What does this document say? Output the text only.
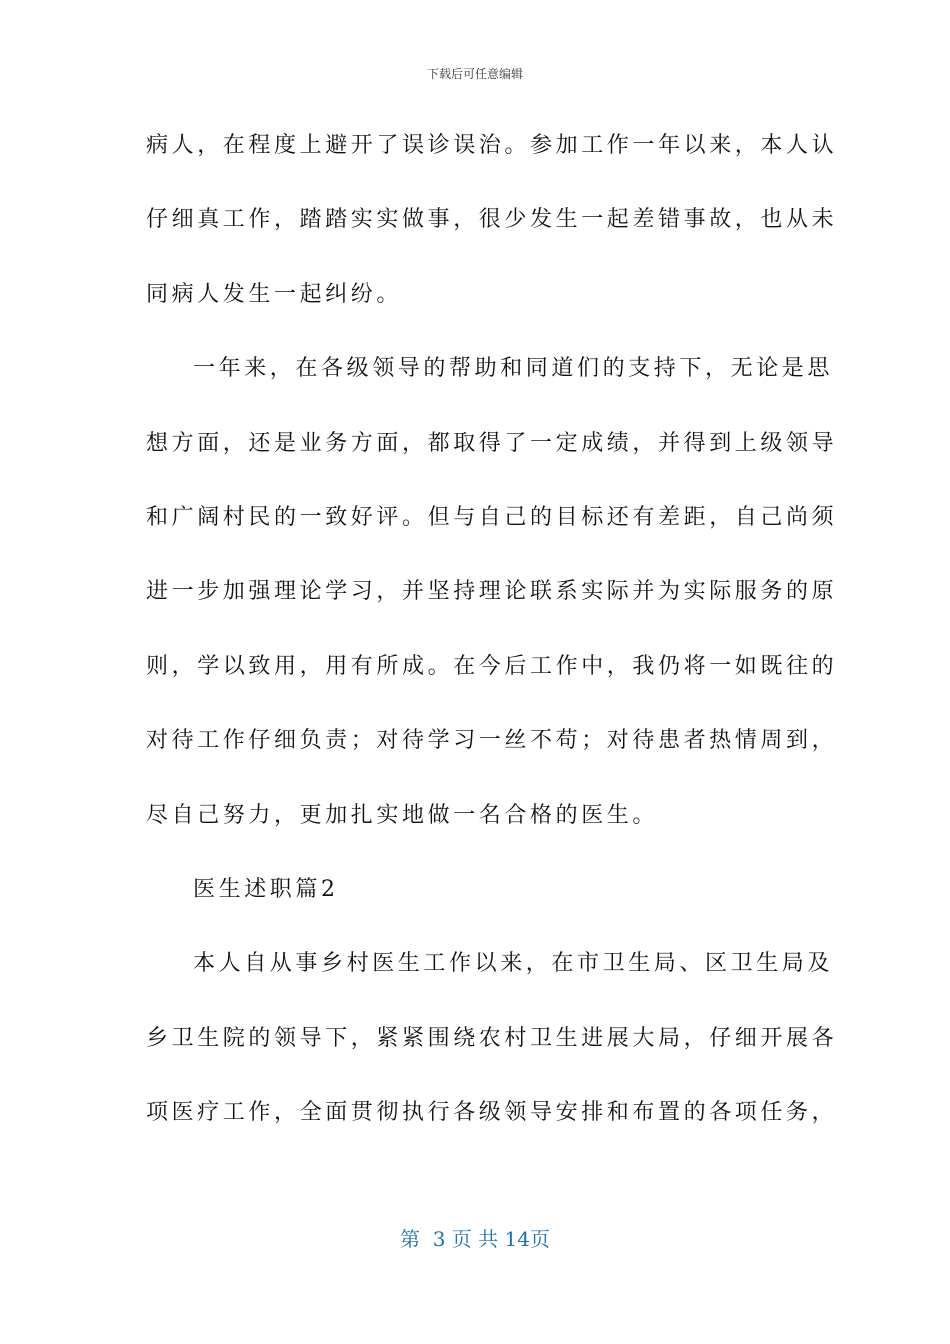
下载后可任意编辑
病人，在程度上避开了误诊误治。参加工作一年以来，本人认
仔细真工作，踏踏实实做事，很少发生一起差错事故，也从未
同病人发生一起纠纷。
一年来，在各级领导的帮助和同道们的支持下，无论是思
想方面，还是业务方面，都取得了一定成绩，并得到上级领导
和广阔村民的一致好评。但与自己的目标还有差距，自己尚须
进一步加强理论学习，并坚持理论联系实际并为实际服务的原
则，学以致用，用有所成。在今后工作中，我仍将一如既往的
对待工作仔细负责；对待学习一丝不苟；对待患者热情周到，
尽自己努力，更加扎实地做一名合格的医生。
医生述职篇2
本人自从事乡村医生工作以来，在市卫生局、区卫生局及
乡卫生院的领导下，紧紧围绕农村卫生进展大局，仔细开展各
项医疗工作，全面贯彻执行各级领导安排和布置的各项任务，
第  3 页 共 14页
